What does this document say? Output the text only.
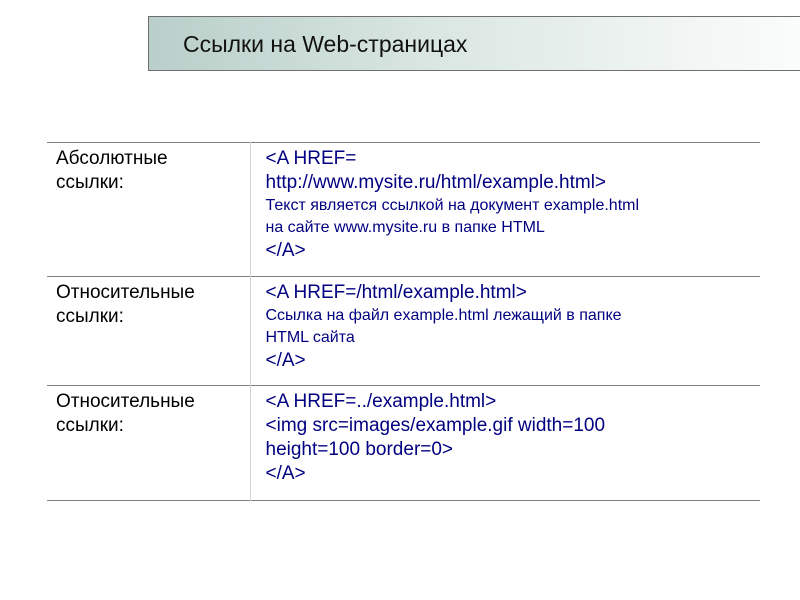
Ссылки на Web-страницах
Абсолютные
ссылки:	<A HREF=
http://www.mysite.ru/html/example.html>
Текст является ссылкой на документ example.html
на сайте www.mysite.ru в папке HTML
</A>

Относительные
ссылки:	<A HREF=/html/example.html>
Ссылка на файл example.html лежащий в папке
HTML сайта
</A>

Относительные
ссылки:	<A HREF=../example.html>
<img src=images/example.gif width=100
height=100 border=0>
</A>
